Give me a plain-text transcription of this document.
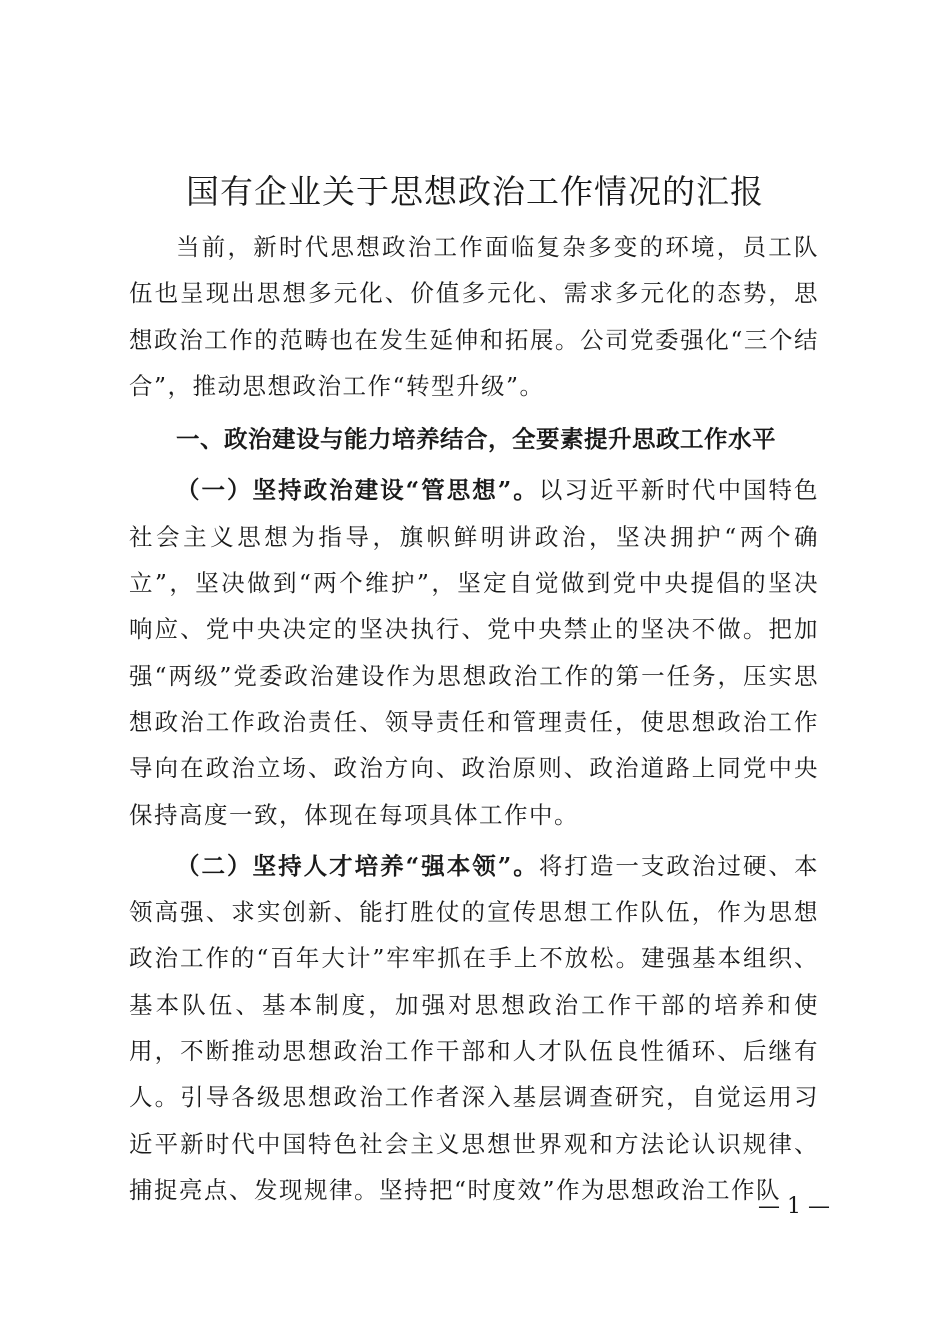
国有企业关于思想政治工作情况的汇报

当前，新时代思想政治工作面临复杂多变的环境，员工队伍也呈现出思想多元化、价值多元化、需求多元化的态势，思想政治工作的范畴也在发生延伸和拓展。公司党委强化“三个结合”，推动思想政治工作“转型升级”。

一、政治建设与能力培养结合，全要素提升思政工作水平

（一）坚持政治建设“管思想”。以习近平新时代中国特色社会主义思想为指导，旗帜鲜明讲政治，坚决拥护“两个确立”，坚决做到“两个维护”，坚定自觉做到党中央提倡的坚决响应、党中央决定的坚决执行、党中央禁止的坚决不做。把加强“两级”党委政治建设作为思想政治工作的第一任务，压实思想政治工作政治责任、领导责任和管理责任，使思想政治工作导向在政治立场、政治方向、政治原则、政治道路上同党中央保持高度一致，体现在每项具体工作中。

（二）坚持人才培养“强本领”。将打造一支政治过硬、本领高强、求实创新、能打胜仗的宣传思想工作队伍，作为思想政治工作的“百年大计”牢牢抓在手上不放松。建强基本组织、基本队伍、基本制度，加强对思想政治工作干部的培养和使用，不断推动思想政治工作干部和人才队伍良性循环、后继有人。引导各级思想政治工作者深入基层调查研究，自觉运用习近平新时代中国特色社会主义思想世界观和方法论认识规律、捕捉亮点、发现规律。坚持把“时度效”作为思想政治工作队

— 1 —
